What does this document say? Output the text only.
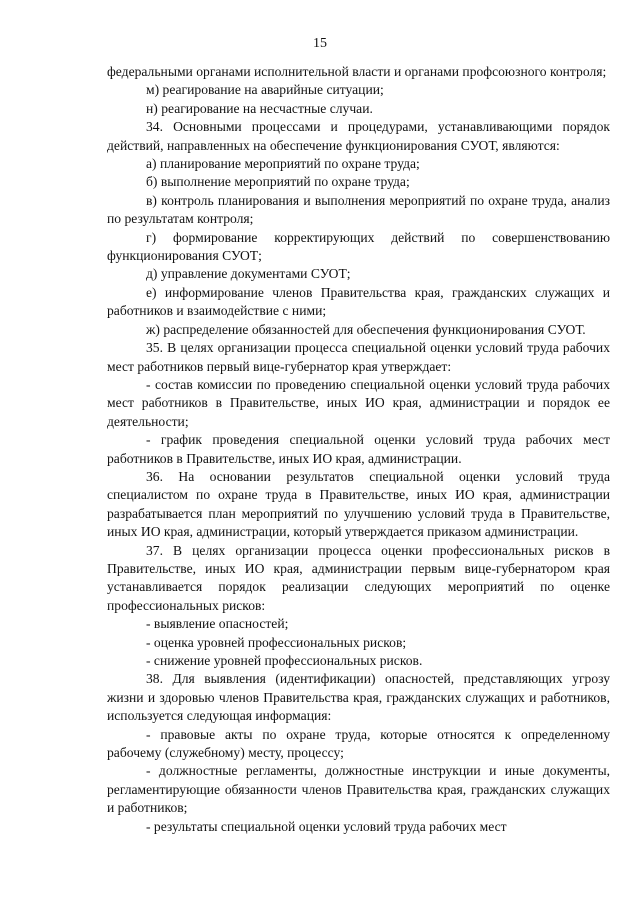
15

федеральными органами исполнительной власти и органами профсоюзного контроля;

м) реагирование на аварийные ситуации;

н) реагирование на несчастные случаи.

34. Основными процессами и процедурами, устанавливающими порядок действий, направленных на обеспечение функционирования СУОТ, являются:

а) планирование мероприятий по охране труда;

б) выполнение мероприятий по охране труда;

в) контроль планирования и выполнения мероприятий по охране труда, анализ по результатам контроля;

г) формирование корректирующих действий по совершенствованию функционирования СУОТ;

д) управление документами СУОТ;

е) информирование членов Правительства края, гражданских служащих и работников и взаимодействие с ними;

ж) распределение обязанностей для обеспечения функционирования СУОТ.

35. В целях организации процесса специальной оценки условий труда рабочих мест работников первый вице-губернатор края утверждает:

- состав комиссии по проведению специальной оценки условий труда рабочих мест работников в Правительстве, иных ИО края, администрации и порядок ее деятельности;

- график проведения специальной оценки условий труда рабочих мест работников в Правительстве, иных ИО края, администрации.

36. На основании результатов специальной оценки условий труда специалистом по охране труда в Правительстве, иных ИО края, администрации разрабатывается план мероприятий по улучшению условий труда в Правительстве, иных ИО края, администрации, который утверждается приказом администрации.

37. В целях организации процесса оценки профессиональных рисков в Правительстве, иных ИО края, администрации первым вице-губернатором края устанавливается порядок реализации следующих мероприятий по оценке профессиональных рисков:

- выявление опасностей;

- оценка уровней профессиональных рисков;

- снижение уровней профессиональных рисков.

38. Для выявления (идентификации) опасностей, представляющих угрозу жизни и здоровью членов Правительства края, гражданских служащих и работников, используется следующая информация:

- правовые акты по охране труда, которые относятся к определенному рабочему (служебному) месту, процессу;

- должностные регламенты, должностные инструкции и иные документы, регламентирующие обязанности членов Правительства края, гражданских служащих и работников;

- результаты специальной оценки условий труда рабочих мест
